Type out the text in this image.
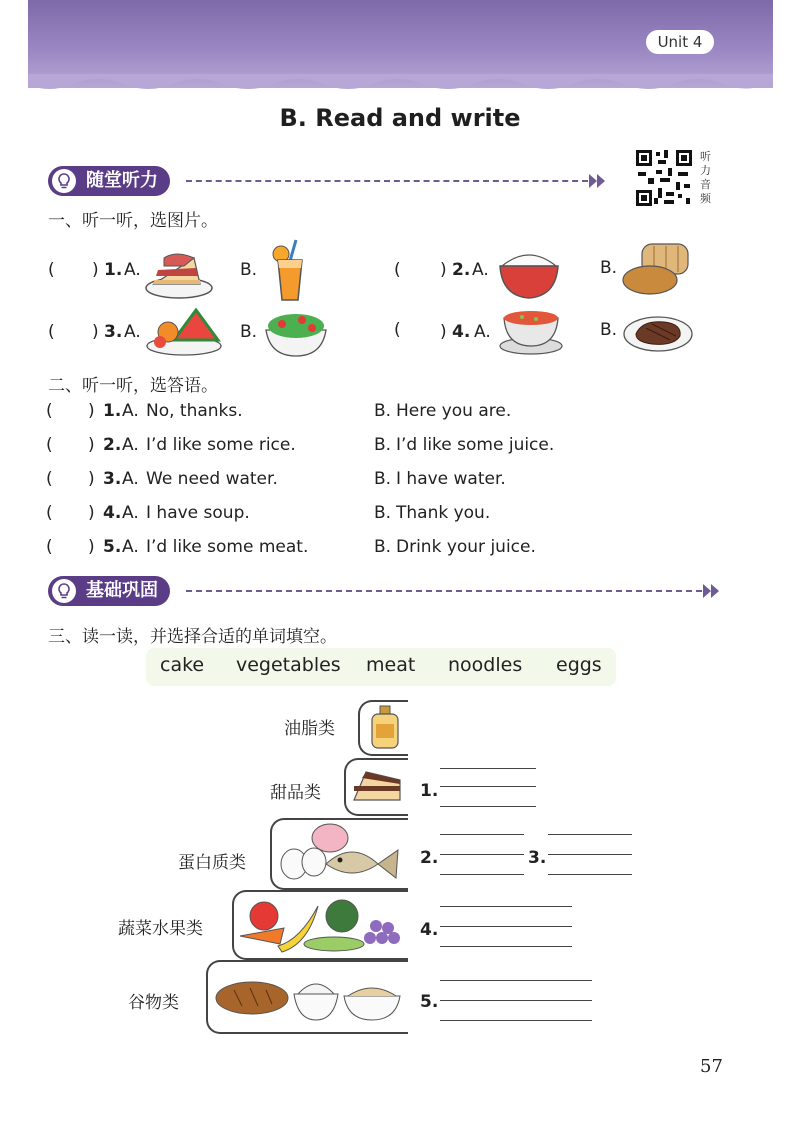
Unit 4
B. Read and write
听力音频
随堂听力
一、听一听，选图片。
( ) 1. A.	B.	( ) 2. A.	B.
( ) 3. A.	B.	( ) 4. A.	B.
二、听一听，选答语。
( ) 1. A. No, thanks.	B. Here you are.
( ) 2. A. I’d like some rice.	B. I’d like some juice.
( ) 3. A. We need water.	B. I have water.
( ) 4. A. I have soup.	B. Thank you.
( ) 5. A. I’d like some meat.	B. Drink your juice.
基础巩固
三、读一读，并选择合适的单词填空。
cake vegetables meat noodles eggs
油脂类
甜品类
蛋白质类
蔬菜水果类
谷物类
1.
2.	3.
4.
5.
57
